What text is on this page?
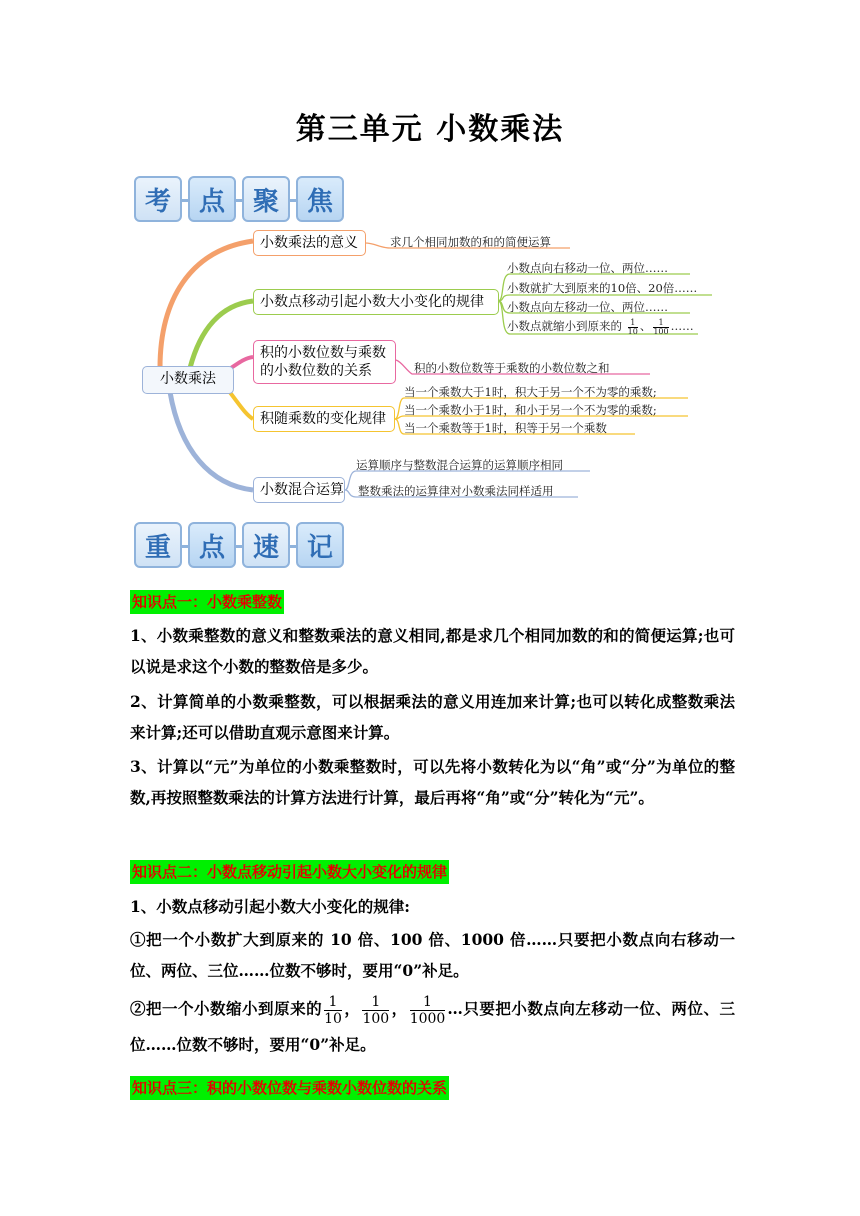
第三单元 小数乘法
考	点	聚	焦
小数乘法
小数乘法的意义	求几个相同加数的和的简便运算
小数点移动引起小数大小变化的规律
小数点向右移动一位、两位……
小数就扩大到原来的10倍、20倍……
小数点向左移动一位、两位……
小数点就缩小到原来的 $\frac{1}{10}$ 、 $\frac{1}{100}$ ……
积的小数位数与乘数
的小数位数的关系	积的小数位数等于乘数的小数位数之和
积随乘数的变化规律
当一个乘数大于1时，积大于另一个不为零的乘数;
当一个乘数小于1时，和小于另一个不为零的乘数;
当一个乘数等于1时，积等于另一个乘数
小数混合运算
运算顺序与整数混合运算的运算顺序相同
整数乘法的运算律对小数乘法同样适用
重	点	速	记
知识点一：小数乘整数
1、小数乘整数的意义和整数乘法的意义相同,都是求几个相同加数的和的简便运算;也可以说是求这个小数的整数倍是多少。
2、计算简单的小数乘整数，可以根据乘法的意义用连加来计算;也可以转化成整数乘法来计算;还可以借助直观示意图来计算。
3、计算以“元”为单位的小数乘整数时，可以先将小数转化为以“角”或“分”为单位的整数,再按照整数乘法的计算方法进行计算，最后再将“角”或“分”转化为“元”。
知识点二：小数点移动引起小数大小变化的规律
1、小数点移动引起小数大小变化的规律:
①把一个小数扩大到原来的 10 倍、100 倍、1000 倍……只要把小数点向右移动一位、两位、三位……位数不够时，要用“0”补足。
②把一个小数缩小到原来的 $\frac{1}{10}$ ， $\frac{1}{100}$ ， $\frac{1}{1000}$ …只要把小数点向左移动一位、两位、三位……位数不够时，要用“0”补足。
知识点三：积的小数位数与乘数小数位数的关系
